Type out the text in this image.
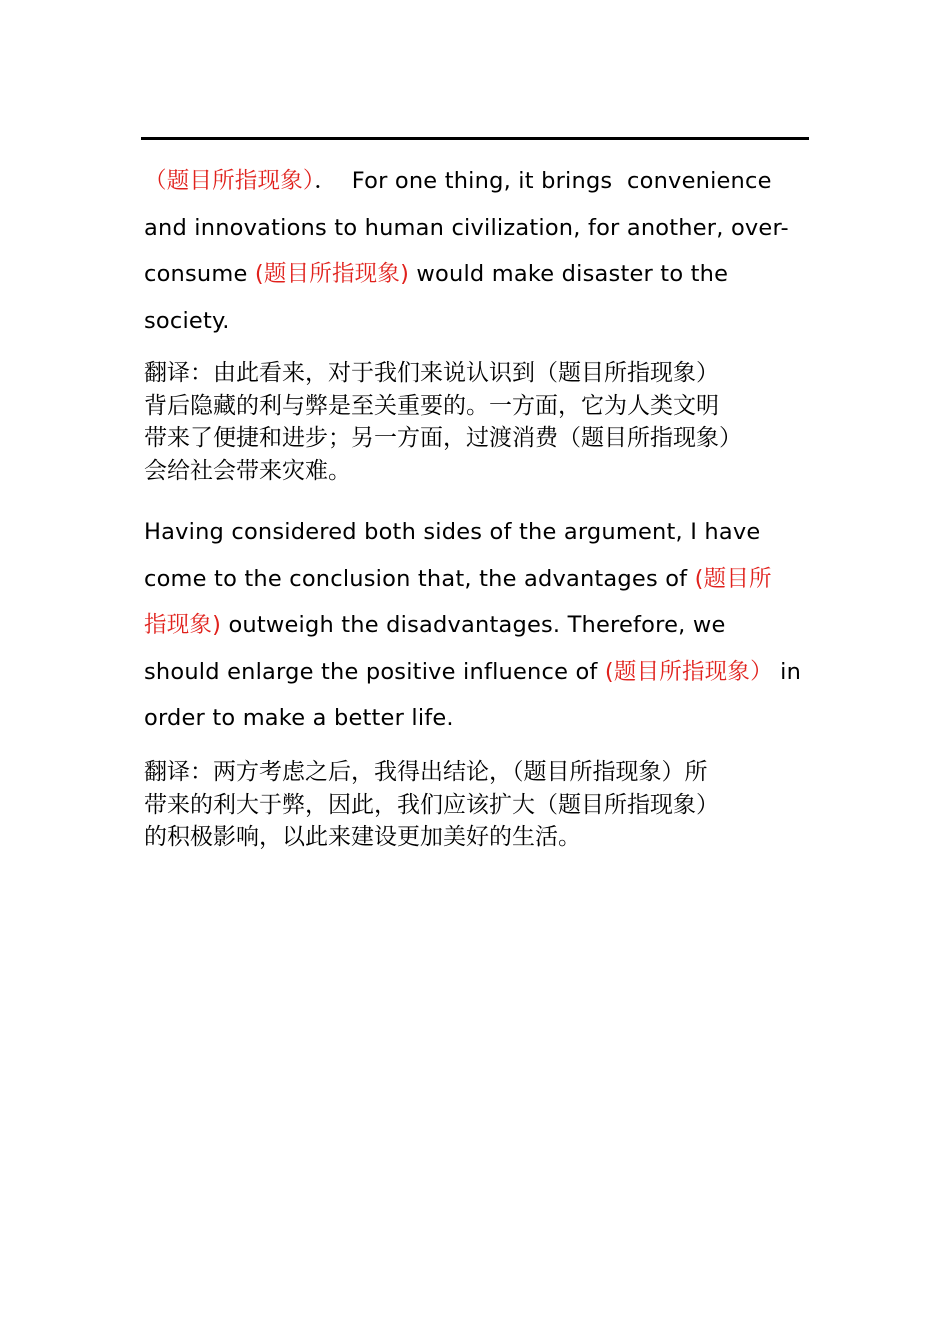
（题目所指现象）．  For one thing, it brings  convenience
and innovations to human civilization, for another, over-
consume (题目所指现象) would make disaster to the
society.
翻译：由此看来，对于我们来说认识到（题目所指现象）
背后隐藏的利与弊是至关重要的。一方面，它为人类文明
带来了便捷和进步；另一方面，过渡消费（题目所指现象）
会给社会带来灾难。
Having considered both sides of the argument, I have
come to the conclusion that, the advantages of (题目所
指现象) outweigh the disadvantages. Therefore, we
should enlarge the positive influence of (题目所指现象） in
order to make a better life.
翻译：两方考虑之后，我得出结论，（题目所指现象）所
带来的利大于弊，因此，我们应该扩大（题目所指现象）
的积极影响，以此来建设更加美好的生活。
